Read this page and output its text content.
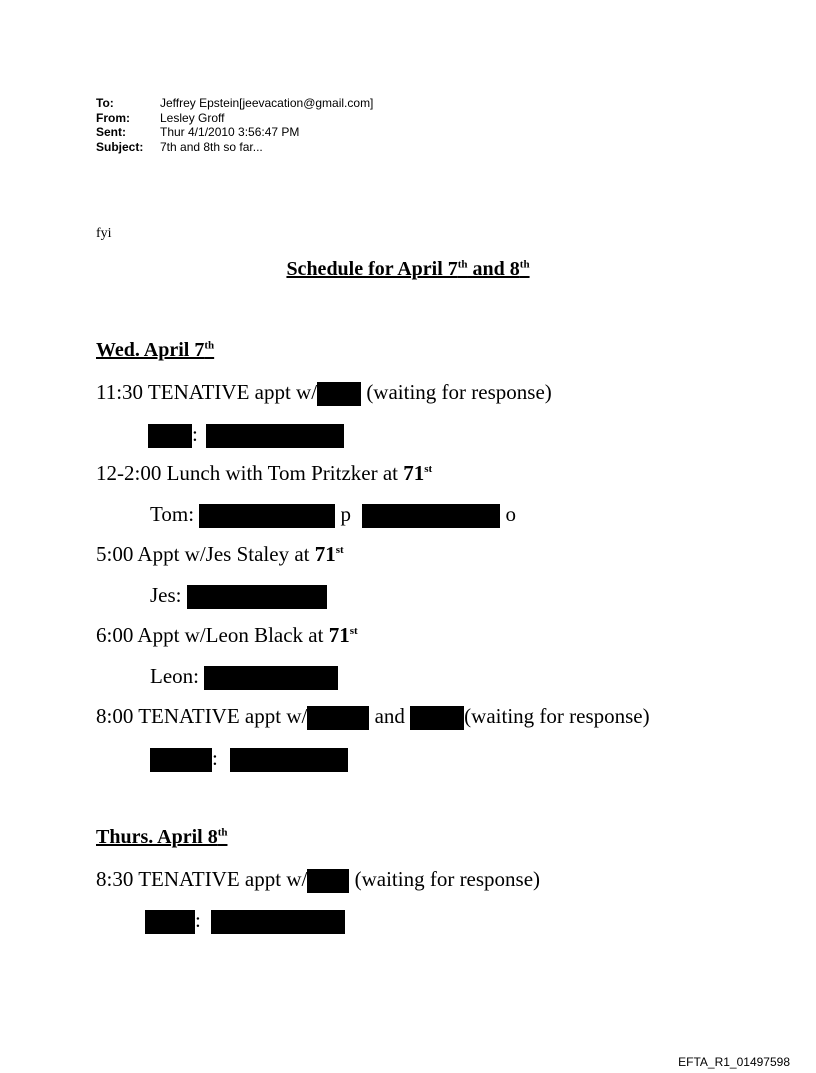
To:	Jeffrey Epstein[jeevacation@gmail.com]
From:	Lesley Groff
Sent:	Thur 4/1/2010 3:56:47 PM
Subject:	7th and 8th so far...
fyi
Schedule for April 7th and 8th
Wed. April 7th
11:30 TENATIVE appt w/ (waiting for response)
:
12-2:00 Lunch with Tom Pritzker at 71st
Tom:	p	o
5:00 Appt w/Jes Staley at 71st
Jes:
6:00 Appt w/Leon Black at 71st
Leon:
8:00 TENATIVE appt w/	and	(waiting for response)
:
Thurs. April 8th
8:30 TENATIVE appt w/ (waiting for response)
:
EFTA_R1_01497598
